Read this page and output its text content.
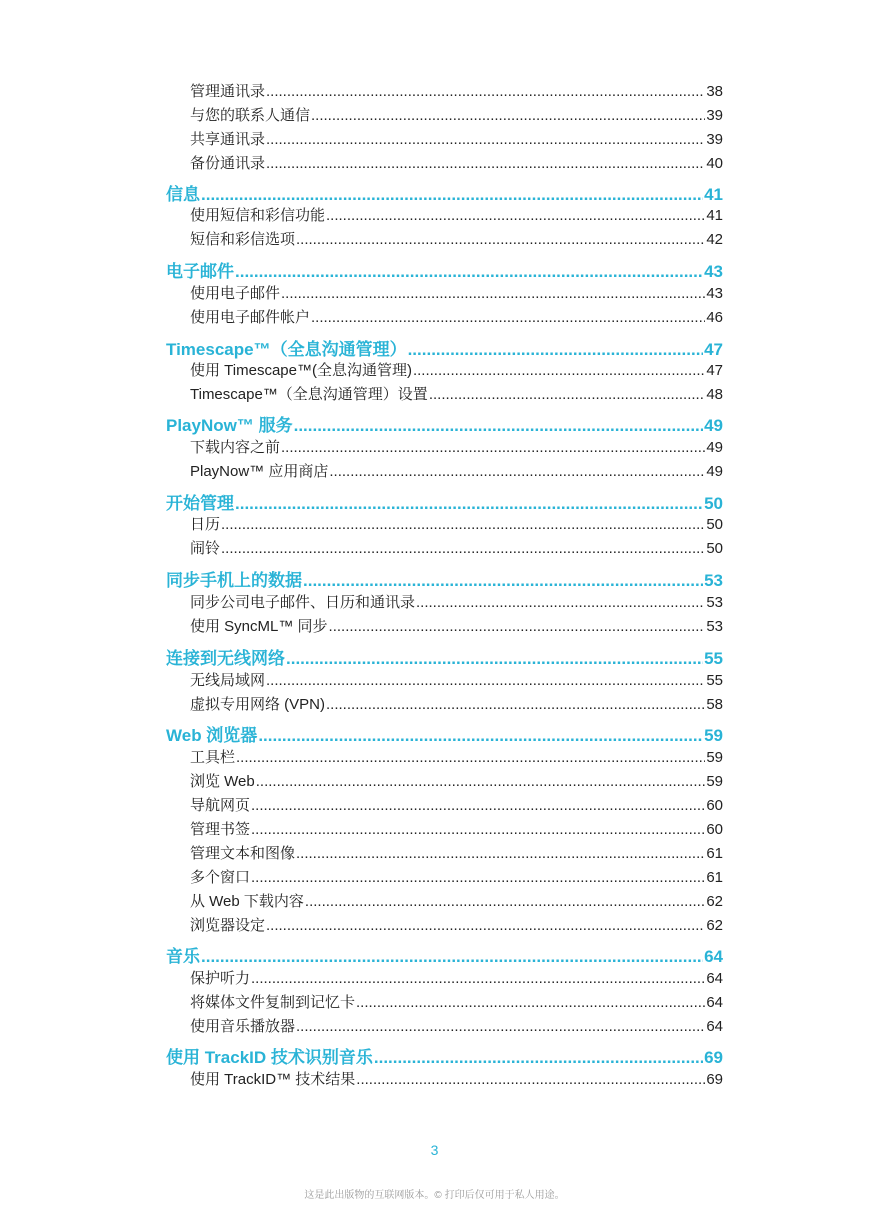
管理通讯录 .....	38
与您的联系人通信 .....	39
共享通讯录 .....	39
备份通讯录 .....	40
信息 .....	41
使用短信和彩信功能 .....	41
短信和彩信选项 .....	42
电子邮件 .....	43
使用电子邮件 .....	43
使用电子邮件帐户 .....	46
Timescape™（全息沟通管理） .....	47
使用 Timescape™(全息沟通管理) .....	47
Timescape™（全息沟通管理）设置 .....	48
PlayNow™ 服务 .....	49
下载内容之前 .....	49
PlayNow™ 应用商店 .....	49
开始管理 .....	50
日历 .....	50
闹铃 .....	50
同步手机上的数据 .....	53
同步公司电子邮件、日历和通讯录 .....	53
使用 SyncML™ 同步 .....	53
连接到无线网络 .....	55
无线局域网 .....	55
虚拟专用网络 (VPN) .....	58
Web 浏览器 .....	59
工具栏 .....	59
浏览 Web .....	59
导航网页 .....	60
管理书签 .....	60
管理文本和图像 .....	61
多个窗口 .....	61
从 Web 下载内容 .....	62
浏览器设定 .....	62
音乐 .....	64
保护听力 .....	64
将媒体文件复制到记忆卡 .....	64
使用音乐播放器 .....	64
使用 TrackID 技术识别音乐 .....	69
使用 TrackID™ 技术结果 .....	69
3
这是此出版物的互联网版本。© 打印后仅可用于私人用途。
